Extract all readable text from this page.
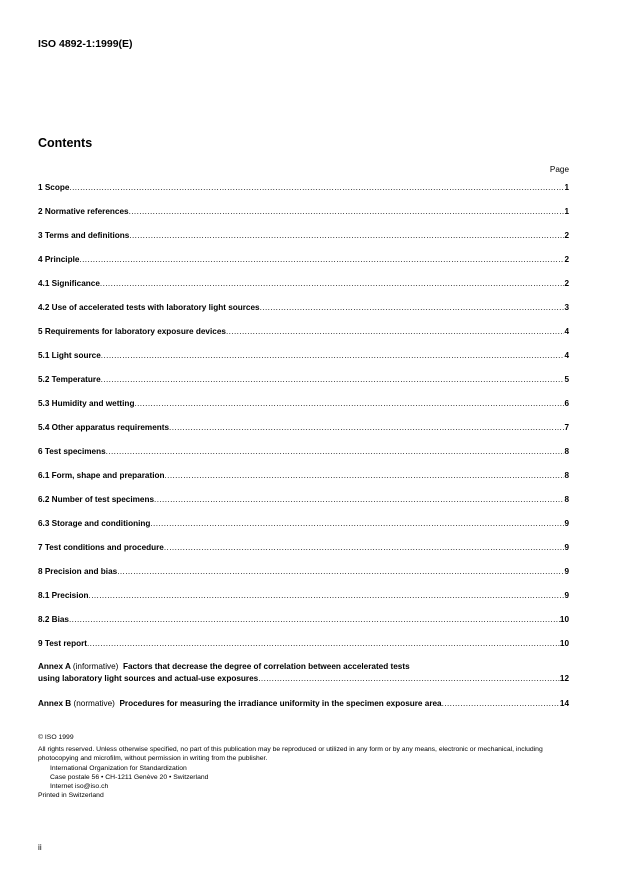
ISO 4892-1:1999(E)
Contents
Page
1 Scope .....	1
2 Normative references .....	1
3 Terms and definitions .....	2
4 Principle .....	2
4.1 Significance .....	2
4.2 Use of accelerated tests with laboratory light sources .....	3
5 Requirements for laboratory exposure devices .....	4
5.1 Light source .....	4
5.2 Temperature .....	5
5.3 Humidity and wetting .....	6
5.4 Other apparatus requirements .....	7
6 Test specimens .....	8
6.1 Form, shape and preparation .....	8
6.2 Number of test specimens .....	8
6.3 Storage and conditioning .....	9
7 Test conditions and procedure .....	9
8 Precision and bias .....	9
8.1 Precision .....	9
8.2 Bias .....	10
9 Test report .....	10
Annex A (informative) Factors that decrease the degree of correlation between accelerated tests
using laboratory light sources and actual-use exposures .....	12
Annex B (normative) Procedures for measuring the irradiance uniformity in the specimen exposure area .....	14
© ISO 1999
All rights reserved. Unless otherwise specified, no part of this publication may be reproduced or utilized in any form or by any means, electronic or mechanical, including photocopying and microfilm, without permission in writing from the publisher.
International Organization for Standardization
Case postale 56 • CH-1211 Genève 20 • Switzerland
Internet iso@iso.ch
Printed in Switzerland
ii
